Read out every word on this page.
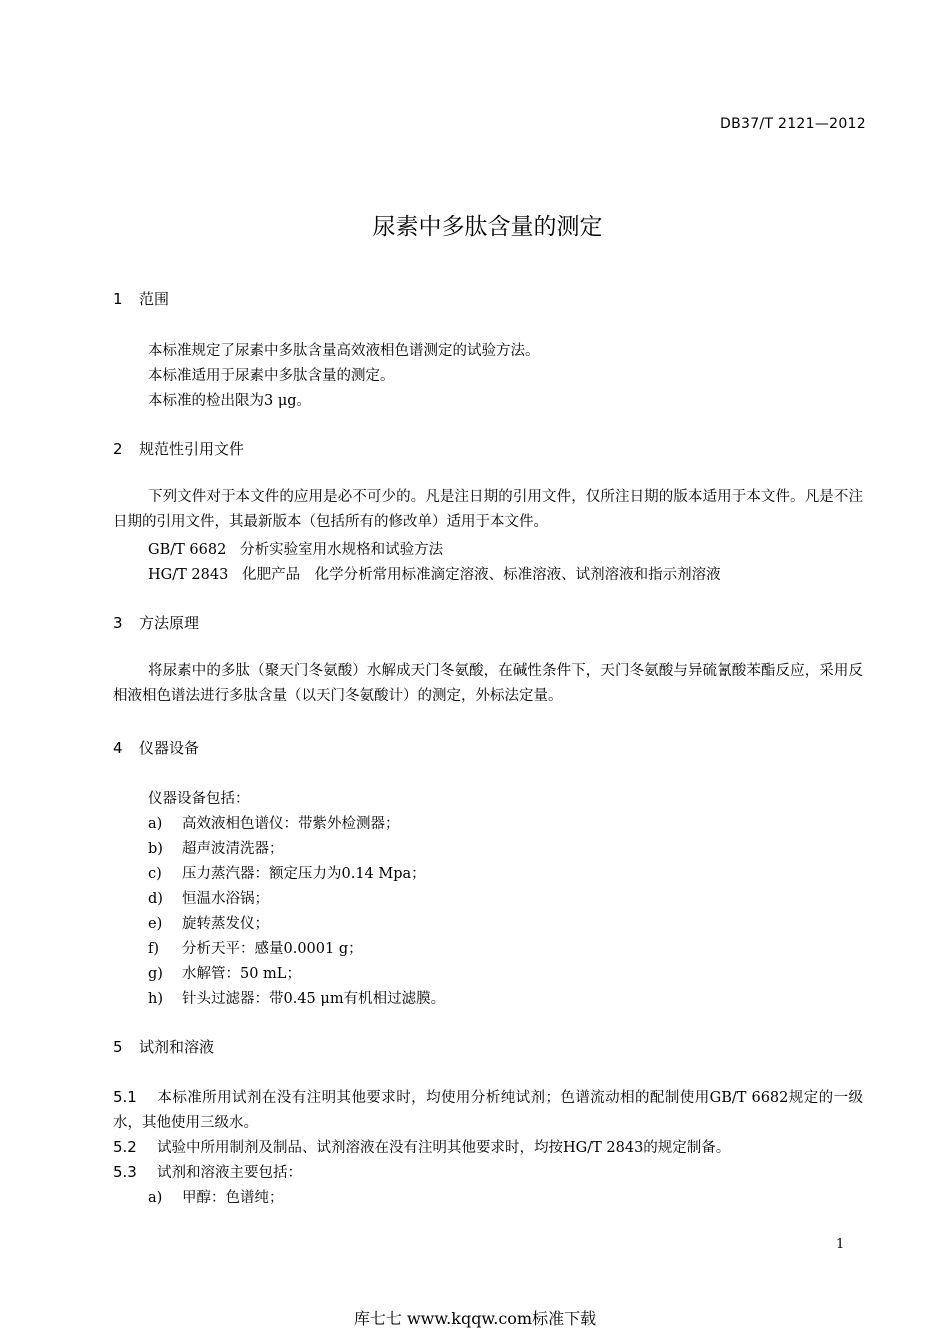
DB37/T 2121—2012
尿素中多肽含量的测定
1 范围
本标准规定了尿素中多肽含量高效液相色谱测定的试验方法。
本标准适用于尿素中多肽含量的测定。
本标准的检出限为3 μg。
2 规范性引用文件
下列文件对于本文件的应用是必不可少的。凡是注日期的引用文件，仅所注日期的版本适用于本文件。凡是不注日期的引用文件，其最新版本（包括所有的修改单）适用于本文件。
GB/T 6682 分析实验室用水规格和试验方法
HG/T 2843 化肥产品　化学分析常用标准滴定溶液、标准溶液、试剂溶液和指示剂溶液
3 方法原理
将尿素中的多肽（聚天门冬氨酸）水解成天门冬氨酸，在碱性条件下，天门冬氨酸与异硫氰酸苯酯反应，采用反相液相色谱法进行多肽含量（以天门冬氨酸计）的测定，外标法定量。
4 仪器设备
仪器设备包括：
a) 高效液相色谱仪：带紫外检测器；
b) 超声波清洗器；
c) 压力蒸汽器：额定压力为0.14 Mpa；
d) 恒温水浴锅；
e) 旋转蒸发仪；
f) 分析天平：感量0.0001 g；
g) 水解管：50 mL；
h) 针头过滤器：带0.45 μm有机相过滤膜。
5 试剂和溶液
5.1 本标准所用试剂在没有注明其他要求时，均使用分析纯试剂；色谱流动相的配制使用GB/T 6682规定的一级水，其他使用三级水。
5.2 试验中所用制剂及制品、试剂溶液在没有注明其他要求时，均按HG/T 2843的规定制备。
5.3 试剂和溶液主要包括：
a) 甲醇：色谱纯；
1
库七七 www.kqqw.com标准下载
